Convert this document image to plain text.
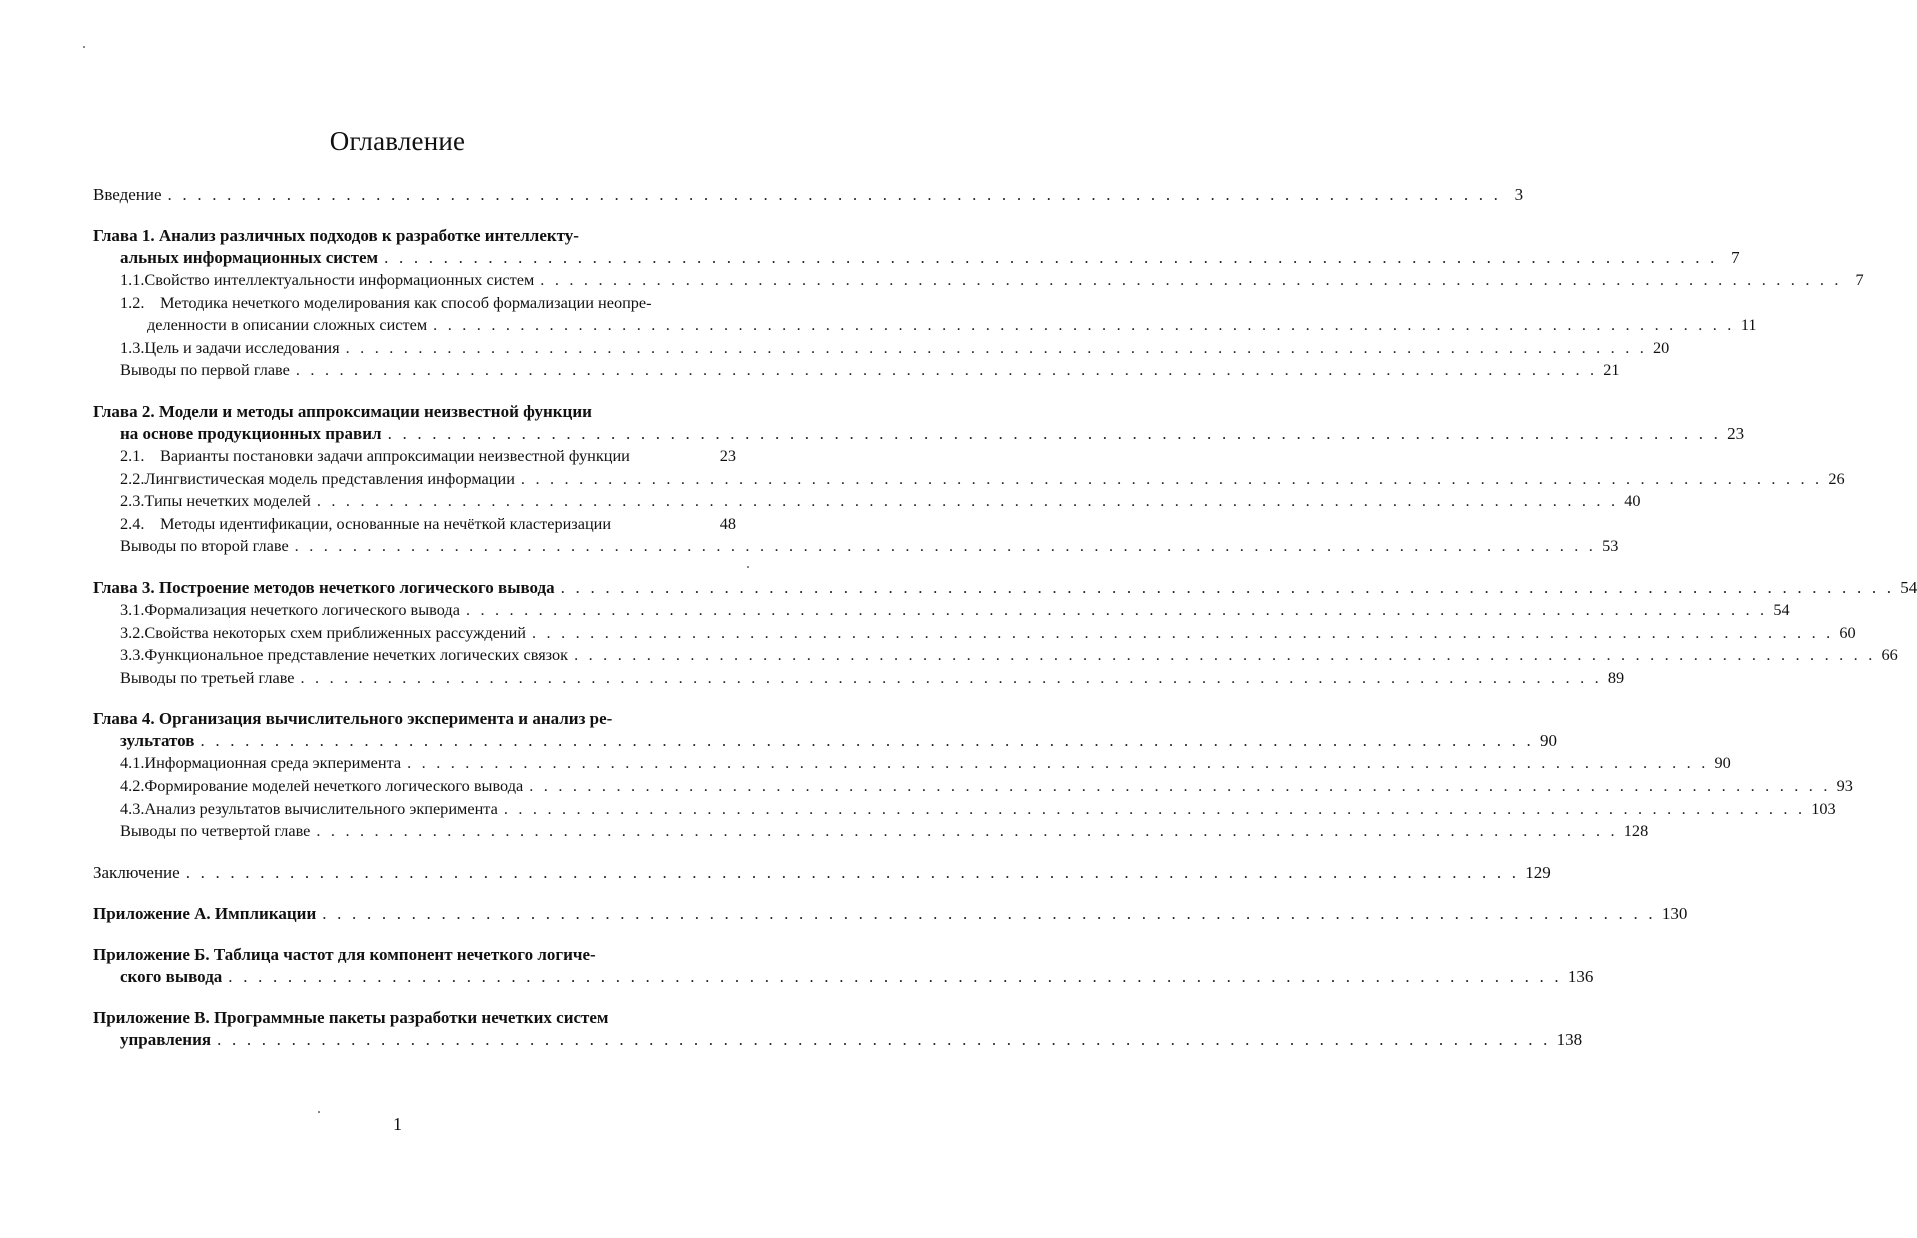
Оглавление
Введение . . . . . . . . . . . . . . . . . . . . . . . . . . . . . . . . . . . . . . . . . . . . . . . . . . . . . . . . . . . . . . . . . . . . . . . . . . . . . . . . . . . . . . . . . . 3
Глава 1. Анализ различных подходов к разработке интеллекту-
альных информационных систем . . . . . . . . . . . . . . . . . . . . . . . . . . . . . . . . . . . . . . . . . . . . . . . . . . . . . . . . . . . . . . . . . . . . . . . . . . . . . . . . . . . . . . . . . . 7
1.1. Свойство интеллектуальности информационных систем . . . . . . . . . . . . . . . . . . . . . . . . . . . . . . . . . . . . . . . . . . . . . . . . . . . . . . . . . . . . . . . . . . . . . . . . . . . . . . . . . . . . . . . . . . 7
1.2. Методика нечеткого моделирования как способ формализации неопре-
деленности в описании сложных систем . . . . . . . . . . . . . . . . . . . . . . . . . . . . . . . . . . . . . . . . . . . . . . . . . . . . . . . . . . . . . . . . . . . . . . . . . . . . . . . . . . . . . . . . . . 11
1.3. Цель и задачи исследования . . . . . . . . . . . . . . . . . . . . . . . . . . . . . . . . . . . . . . . . . . . . . . . . . . . . . . . . . . . . . . . . . . . . . . . . . . . . . . . . . . . . . . . . . . 20
Выводы по первой главе . . . . . . . . . . . . . . . . . . . . . . . . . . . . . . . . . . . . . . . . . . . . . . . . . . . . . . . . . . . . . . . . . . . . . . . . . . . . . . . . . . . . . . . . . . 21
Глава 2. Модели и методы аппроксимации неизвестной функции
на основе продукционных правил . . . . . . . . . . . . . . . . . . . . . . . . . . . . . . . . . . . . . . . . . . . . . . . . . . . . . . . . . . . . . . . . . . . . . . . . . . . . . . . . . . . . . . . . . . 23
2.1. Варианты постановки задачи аппроксимации неизвестной функции	23
2.2. Лингвистическая модель представления информации . . . . . . . . . . . . . . . . . . . . . . . . . . . . . . . . . . . . . . . . . . . . . . . . . . . . . . . . . . . . . . . . . . . . . . . . . . . . . . . . . . . . . . . . . . 26
2.3. Типы нечетких моделей . . . . . . . . . . . . . . . . . . . . . . . . . . . . . . . . . . . . . . . . . . . . . . . . . . . . . . . . . . . . . . . . . . . . . . . . . . . . . . . . . . . . . . . . . . 40
2.4. Методы идентификации, основанные на нечёткой кластеризации	48
Выводы по второй главе . . . . . . . . . . . . . . . . . . . . . . . . . . . . . . . . . . . . . . . . . . . . . . . . . . . . . . . . . . . . . . . . . . . . . . . . . . . . . . . . . . . . . . . . . . 53
Глава 3. Построение методов нечеткого логического вывода . . . . . . . . . . . . . . . . . . . . . . . . . . . . . . . . . . . . . . . . . . . . . . . . . . . . . . . . . . . . . . . . . . . . . . . . . . . . . . . . . . . . . . . . . . 54
3.1. Формализация нечеткого логического вывода . . . . . . . . . . . . . . . . . . . . . . . . . . . . . . . . . . . . . . . . . . . . . . . . . . . . . . . . . . . . . . . . . . . . . . . . . . . . . . . . . . . . . . . . . . 54
3.2. Свойства некоторых схем приближенных рассуждений . . . . . . . . . . . . . . . . . . . . . . . . . . . . . . . . . . . . . . . . . . . . . . . . . . . . . . . . . . . . . . . . . . . . . . . . . . . . . . . . . . . . . . . . . . 60
3.3. Функциональное представление нечетких логических связок . . . . . . . . . . . . . . . . . . . . . . . . . . . . . . . . . . . . . . . . . . . . . . . . . . . . . . . . . . . . . . . . . . . . . . . . . . . . . . . . . . . . . . . . . . 66
Выводы по третьей главе . . . . . . . . . . . . . . . . . . . . . . . . . . . . . . . . . . . . . . . . . . . . . . . . . . . . . . . . . . . . . . . . . . . . . . . . . . . . . . . . . . . . . . . . . . 89
Глава 4. Организация вычислительного эксперимента и анализ ре-
зультатов . . . . . . . . . . . . . . . . . . . . . . . . . . . . . . . . . . . . . . . . . . . . . . . . . . . . . . . . . . . . . . . . . . . . . . . . . . . . . . . . . . . . . . . . . . 90
4.1. Информационная среда экперимента . . . . . . . . . . . . . . . . . . . . . . . . . . . . . . . . . . . . . . . . . . . . . . . . . . . . . . . . . . . . . . . . . . . . . . . . . . . . . . . . . . . . . . . . . . 90
4.2. Формирование моделей нечеткого логического вывода . . . . . . . . . . . . . . . . . . . . . . . . . . . . . . . . . . . . . . . . . . . . . . . . . . . . . . . . . . . . . . . . . . . . . . . . . . . . . . . . . . . . . . . . . . 93
4.3. Анализ результатов вычислительного экперимента . . . . . . . . . . . . . . . . . . . . . . . . . . . . . . . . . . . . . . . . . . . . . . . . . . . . . . . . . . . . . . . . . . . . . . . . . . . . . . . . . . . . . . . . . . 103
Выводы по четвертой главе . . . . . . . . . . . . . . . . . . . . . . . . . . . . . . . . . . . . . . . . . . . . . . . . . . . . . . . . . . . . . . . . . . . . . . . . . . . . . . . . . . . . . . . . . . 128
Заключение . . . . . . . . . . . . . . . . . . . . . . . . . . . . . . . . . . . . . . . . . . . . . . . . . . . . . . . . . . . . . . . . . . . . . . . . . . . . . . . . . . . . . . . . . . 129
Приложение А. Импликации . . . . . . . . . . . . . . . . . . . . . . . . . . . . . . . . . . . . . . . . . . . . . . . . . . . . . . . . . . . . . . . . . . . . . . . . . . . . . . . . . . . . . . . . . . 130
Приложение Б. Таблица частот для компонент нечеткого логиче-
ского вывода . . . . . . . . . . . . . . . . . . . . . . . . . . . . . . . . . . . . . . . . . . . . . . . . . . . . . . . . . . . . . . . . . . . . . . . . . . . . . . . . . . . . . . . . . . 136
Приложение В. Программные пакеты разработки нечетких систем
управления . . . . . . . . . . . . . . . . . . . . . . . . . . . . . . . . . . . . . . . . . . . . . . . . . . . . . . . . . . . . . . . . . . . . . . . . . . . . . . . . . . . . . . . . . . 138
1
